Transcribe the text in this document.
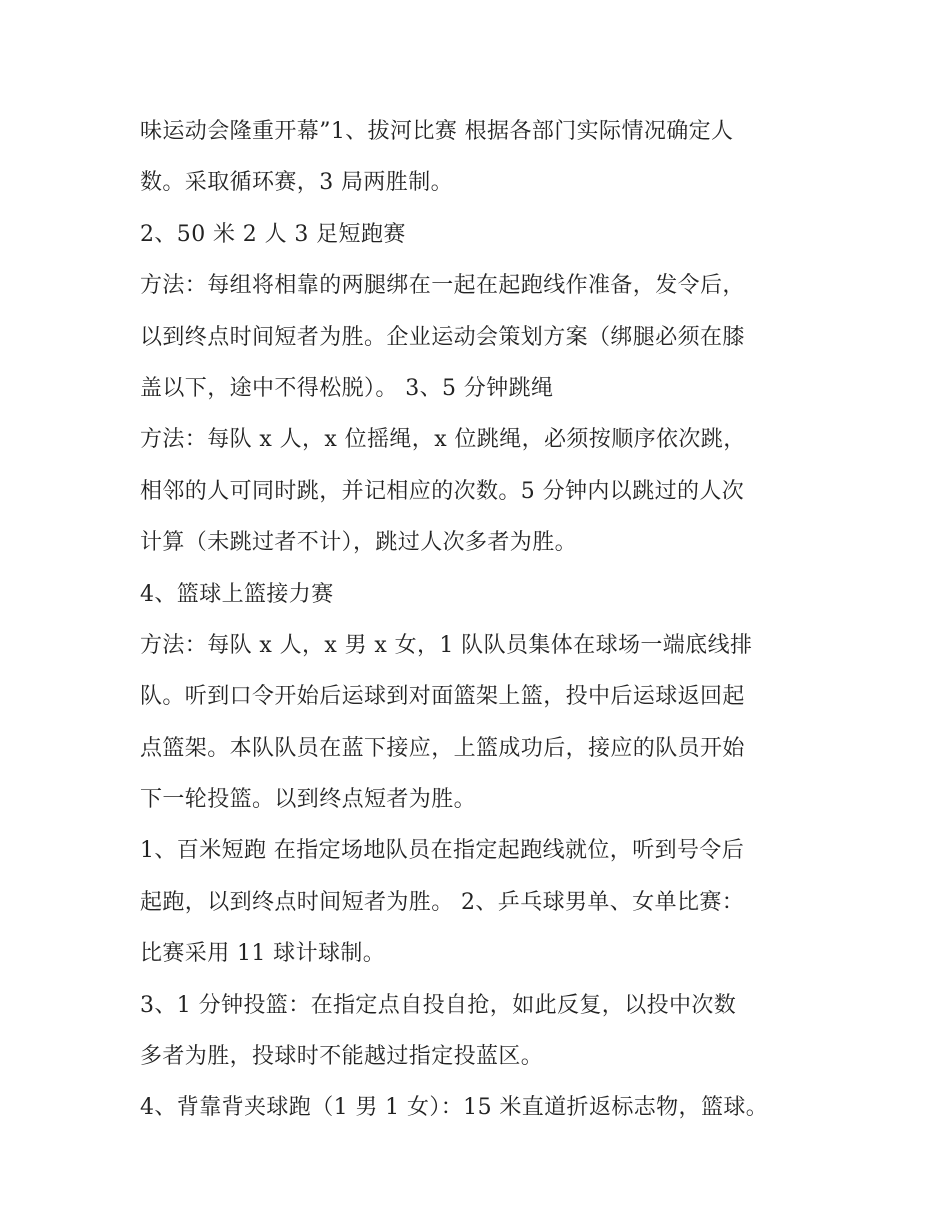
味运动会隆重开幕”1、拔河比赛 根据各部门实际情况确定人
数。采取循环赛，3 局两胜制。
2、50 米 2 人 3 足短跑赛
方法：每组将相靠的两腿绑在一起在起跑线作准备，发令后，
以到终点时间短者为胜。企业运动会策划方案（绑腿必须在膝
盖以下，途中不得松脱）。 3、5 分钟跳绳
方法：每队 x 人，x 位摇绳，x 位跳绳，必须按顺序依次跳，
相邻的人可同时跳，并记相应的次数。5 分钟内以跳过的人次
计算（未跳过者不计），跳过人次多者为胜。
4、篮球上篮接力赛
方法：每队 x 人，x 男 x 女，1 队队员集体在球场一端底线排
队。听到口令开始后运球到对面篮架上篮，投中后运球返回起
点篮架。本队队员在蓝下接应，上篮成功后，接应的队员开始
下一轮投篮。以到终点短者为胜。
1、百米短跑 在指定场地队员在指定起跑线就位，听到号令后
起跑，以到终点时间短者为胜。 2、乒乓球男单、女单比赛：
比赛采用 11 球计球制。
3、1 分钟投篮：在指定点自投自抢，如此反复，以投中次数
多者为胜，投球时不能越过指定投蓝区。
4、背靠背夹球跑（1 男 1 女）：15 米直道折返标志物，篮球。
